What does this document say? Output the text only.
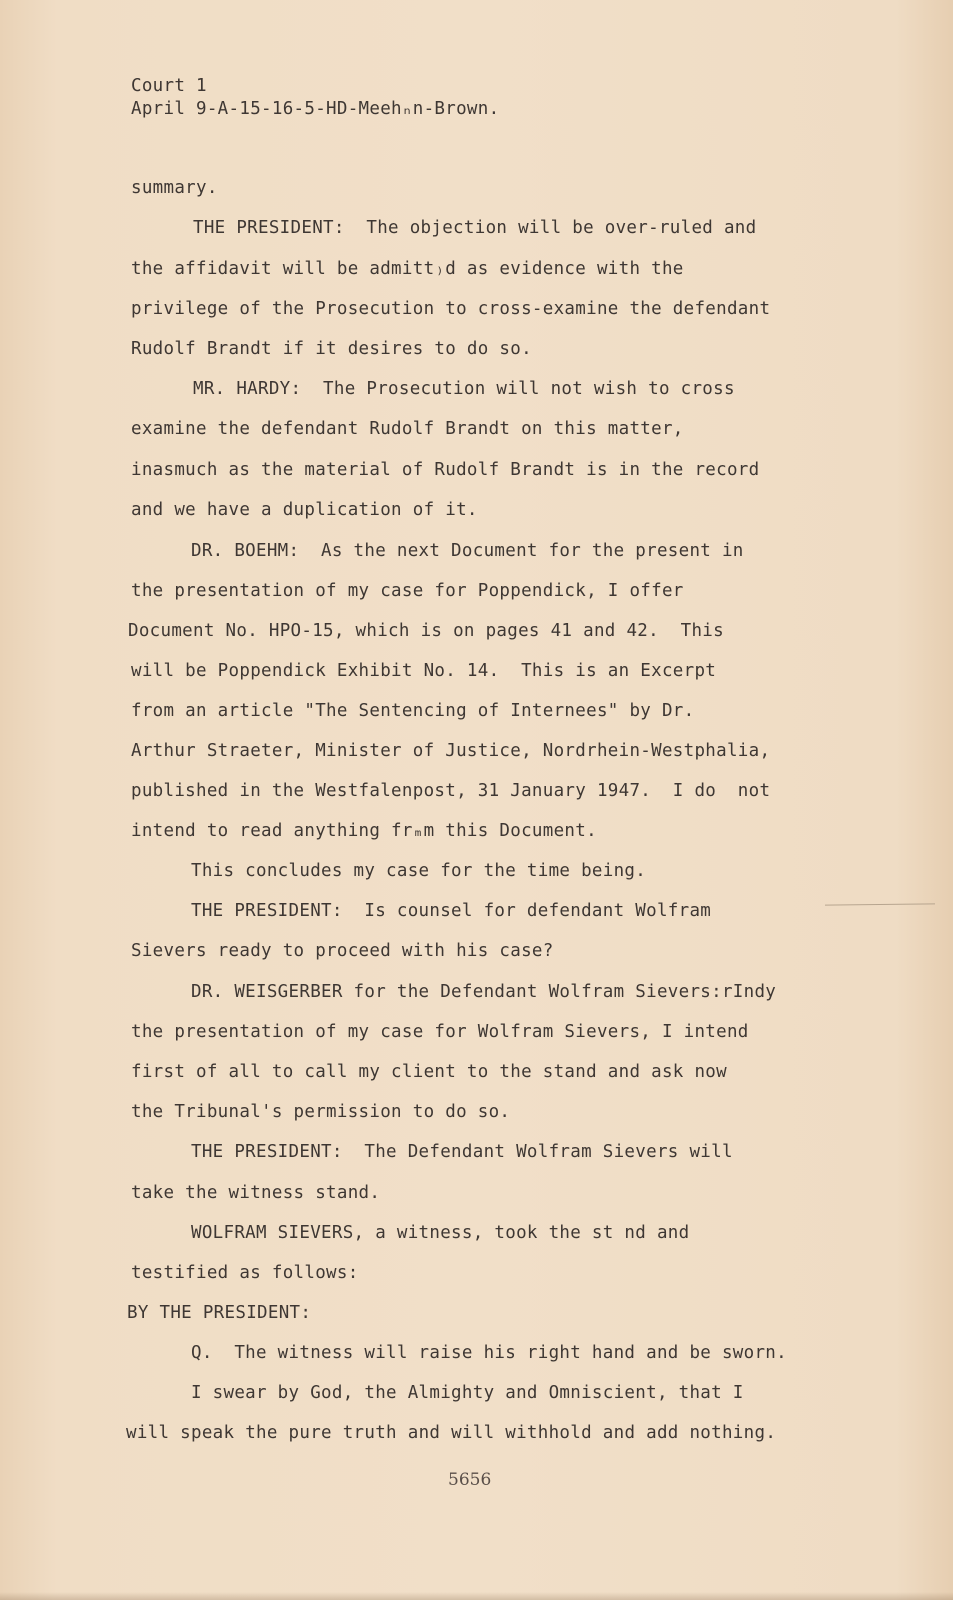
Court 1
April 9-A-15-16-5-HD-Meehₙn-Brown.
summary.
THE PRESIDENT:  The objection will be over-ruled and
the affidavit will be admitt₎d as evidence with the
privilege of the Prosecution to cross-examine the defendant
Rudolf Brandt if it desires to do so.
MR. HARDY:  The Prosecution will not wish to cross
examine the defendant Rudolf Brandt on this matter,
inasmuch as the material of Rudolf Brandt is in the record
and we have a duplication of it.
DR. BOEHM:  As the next Document for the present in
the presentation of my case for Poppendick, I offer
Document No. HPO-15, which is on pages 41 and 42.  This
will be Poppendick Exhibit No. 14.  This is an Excerpt
from an article "The Sentencing of Internees" by Dr.
Arthur Straeter, Minister of Justice, Nordrhein-Westphalia,
published in the Westfalenpost, 31 January 1947.  I do  not
intend to read anything frₘm this Document.
This concludes my case for the time being.
THE PRESIDENT:  Is counsel for defendant Wolfram
Sievers ready to proceed with his case?
DR. WEISGERBER for the Defendant Wolfram Sievers:rIndy
the presentation of my case for Wolfram Sievers, I intend
first of all to call my client to the stand and ask now
the Tribunal's permission to do so.
THE PRESIDENT:  The Defendant Wolfram Sievers will
take the witness stand.
WOLFRAM SIEVERS, a witness, took the st nd and
testified as follows:
BY THE PRESIDENT:
Q.  The witness will raise his right hand and be sworn.
I swear by God, the Almighty and Omniscient, that I
will speak the pure truth and will withhold and add nothing.
5656
